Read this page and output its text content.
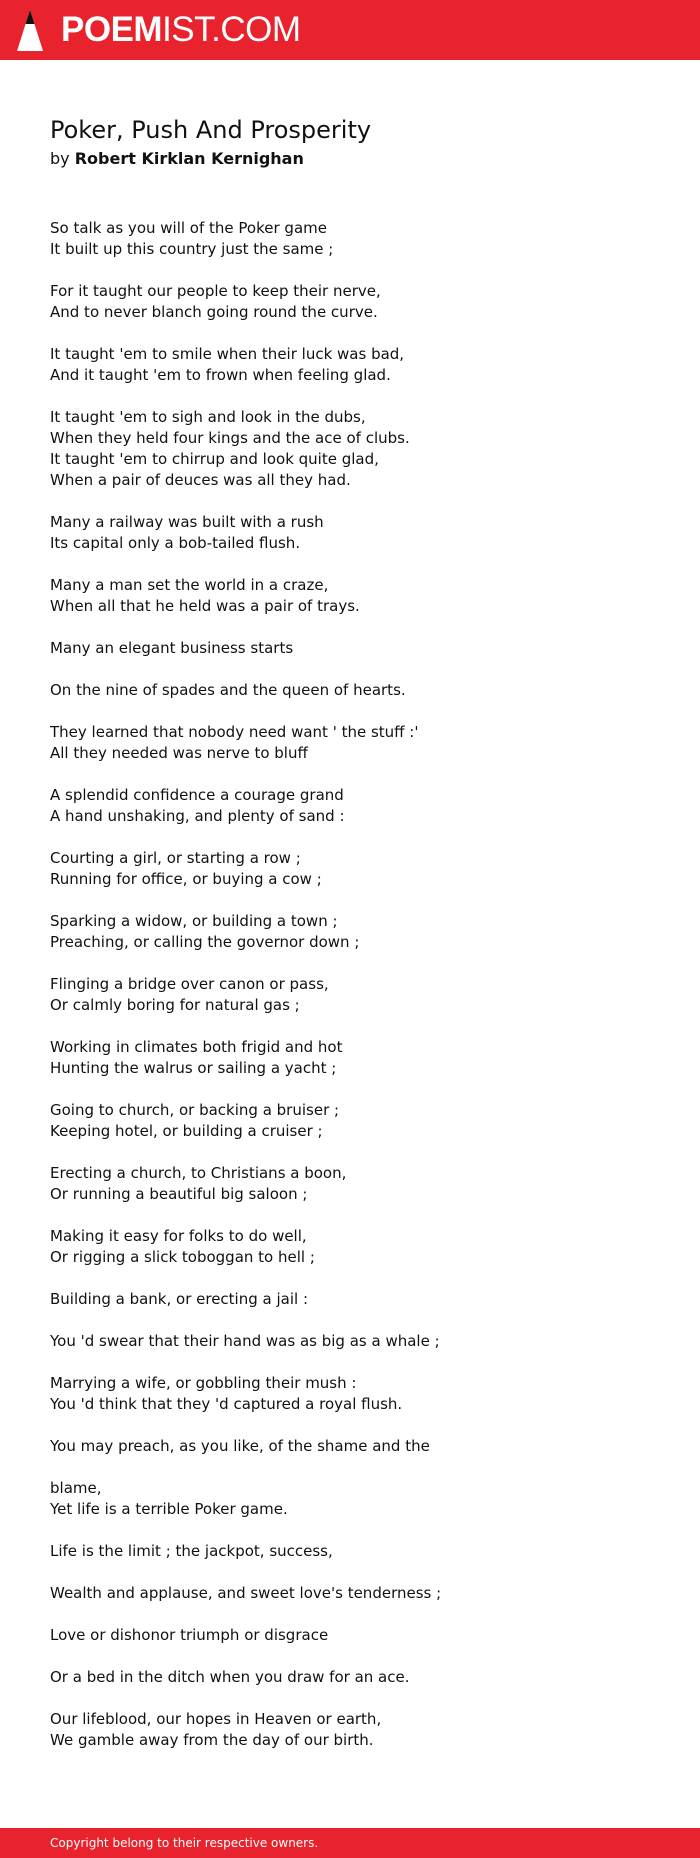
POEMIST.COM
Poker, Push And Prosperity
by Robert Kirklan Kernighan
So talk as you will of the Poker game
It built up this country just the same ;
For it taught our people to keep their nerve,
And to never blanch going round the curve.
It taught 'em to smile when their luck was bad,
And it taught 'em to frown when feeling glad.
It taught 'em to sigh and look in the dubs,
When they held four kings and the ace of clubs.
It taught 'em to chirrup and look quite glad,
When a pair of deuces was all they had.
Many a railway was built with a rush
Its capital only a bob-tailed flush.
Many a man set the world in a craze,
When all that he held was a pair of trays.
Many an elegant business starts
On the nine of spades and the queen of hearts.
They learned that nobody need want ' the stuff :'
All they needed was nerve to bluff
A splendid confidence a courage grand
A hand unshaking, and plenty of sand :
Courting a girl, or starting a row ;
Running for office, or buying a cow ;
Sparking a widow, or building a town ;
Preaching, or calling the governor down ;
Flinging a bridge over canon or pass,
Or calmly boring for natural gas ;
Working in climates both frigid and hot
Hunting the walrus or sailing a yacht ;
Going to church, or backing a bruiser ;
Keeping hotel, or building a cruiser ;
Erecting a church, to Christians a boon,
Or running a beautiful big saloon ;
Making it easy for folks to do well,
Or rigging a slick toboggan to hell ;
Building a bank, or erecting a jail :
You 'd swear that their hand was as big as a whale ;
Marrying a wife, or gobbling their mush :
You 'd think that they 'd captured a royal flush.
You may preach, as you like, of the shame and the
blame,
Yet life is a terrible Poker game.
Life is the limit ; the jackpot, success,
Wealth and applause, and sweet love's tenderness ;
Love or dishonor triumph or disgrace
Or a bed in the ditch when you draw for an ace.
Our lifeblood, our hopes in Heaven or earth,
We gamble away from the day of our birth.
Copyright belong to their respective owners.
